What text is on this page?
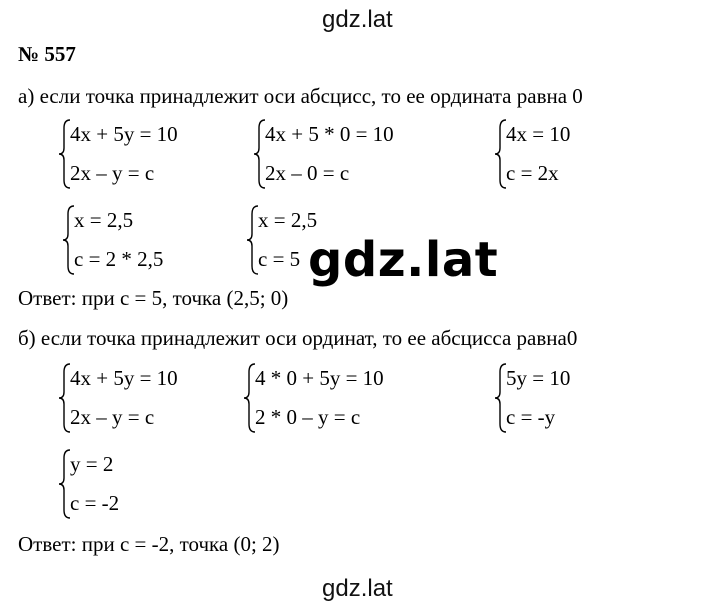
gdz.lat
№ 557
а) если точка принадлежит оси абсцисс, то ее ордината равна 0
4x + 5y = 10
2x – y = c
4x + 5 * 0 = 10
2x – 0 = c
4x = 10
c = 2x
x = 2,5
c = 2 * 2,5
x = 2,5
c = 5
Ответ: при с = 5, точка (2,5; 0)
gdz.lat
б) если точка принадлежит оси ординат, то ее абсцисса равна0
4x + 5y = 10
2x – y = c
4 * 0 + 5y = 10
2 * 0 – y = c
5y = 10
c = -y
y = 2
c = -2
Ответ: при с = -2, точка (0; 2)
gdz.lat
